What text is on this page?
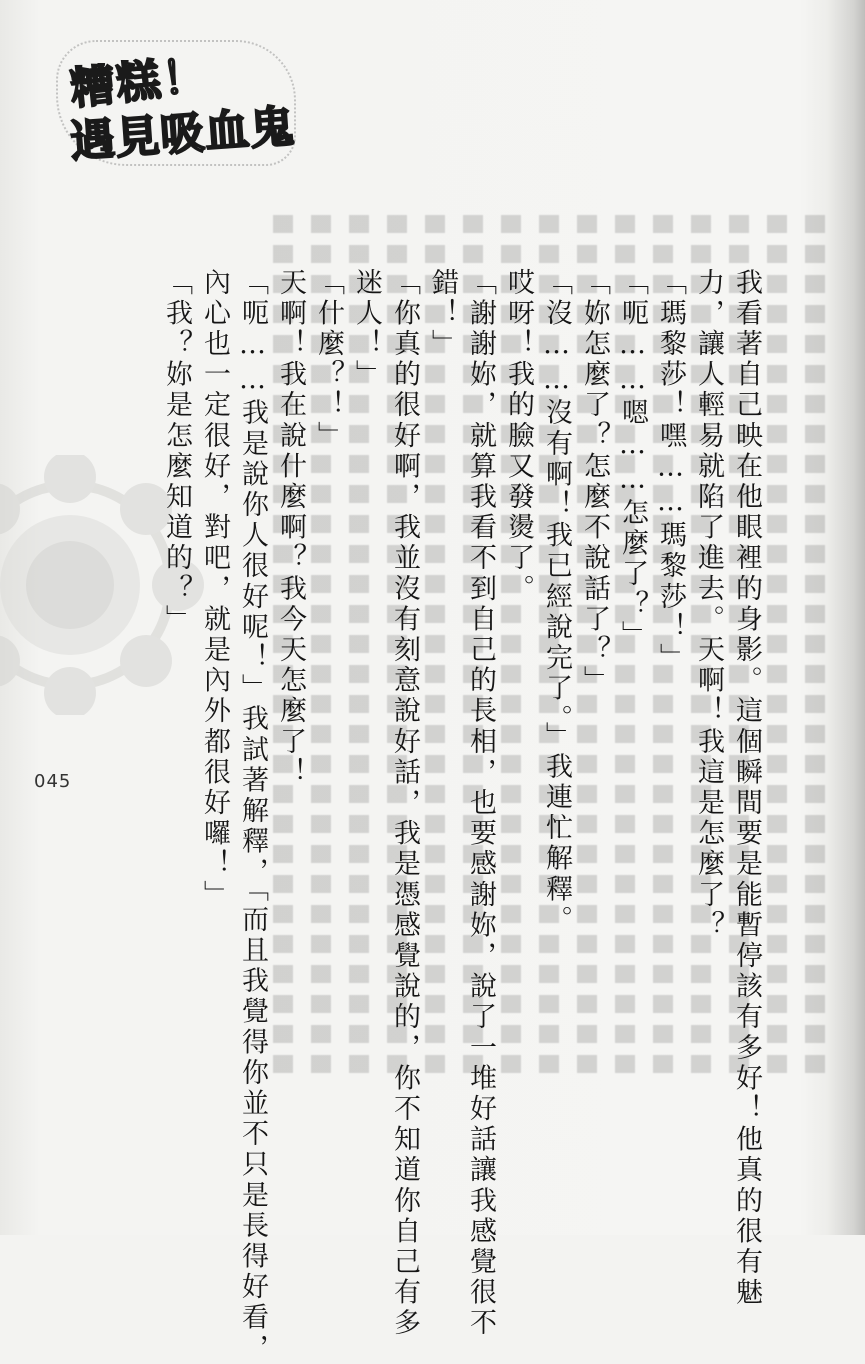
糟糕！
遇見吸血鬼
我看著自己映在他眼裡的身影。這個瞬間要是能暫停該有多好！他真的很有魅
力，讓人輕易就陷了進去。天啊！我這是怎麼了？
「瑪黎莎！嘿……瑪黎莎！」
「呃……嗯……怎麼了？」
「妳怎麼了？怎麼不說話了？」
「沒……沒有啊！我已經說完了。」我連忙解釋。
哎呀！我的臉又發燙了。
「謝謝妳，就算我看不到自己的長相，也要感謝妳，說了一堆好話讓我感覺很不
錯！」
「你真的很好啊，我並沒有刻意說好話，我是憑感覺說的，你不知道你自己有多
迷人！」
「什麼？！」
天啊！我在說什麼啊？我今天怎麼了！
「呃……我是說你人很好呢！」我試著解釋，「而且我覺得你並不只是長得好看，
內心也一定很好，對吧，就是內外都很好囉！」
「我？妳是怎麼知道的？」
045
